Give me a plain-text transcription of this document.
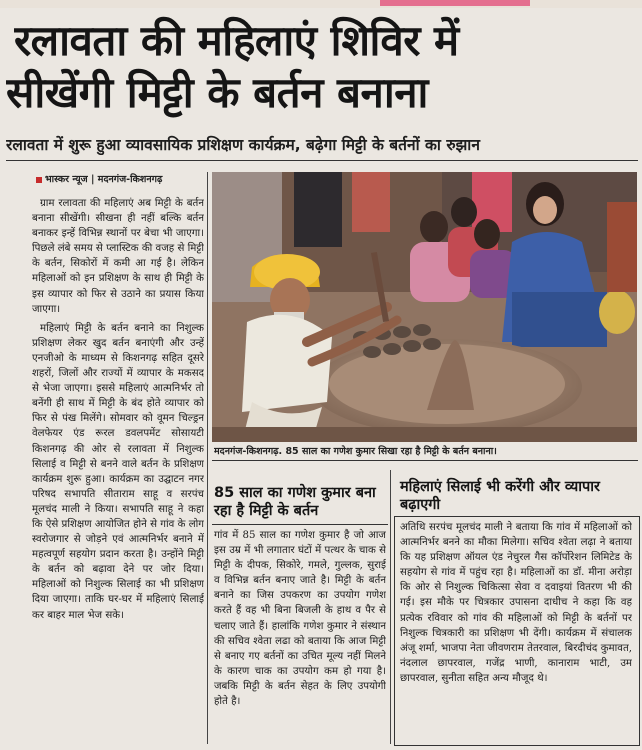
रलावता की महिलाएं शिविर में
सीखेंगी मिट्टी के बर्तन बनाना
रलावता में शुरू हुआ व्यावसायिक प्रशिक्षण कार्यक्रम, बढ़ेगा मिट्टी के बर्तनों का रुझान
भास्कर न्यूज | मदनगंज-किशनगढ़

ग्राम रलावता की महिलाएं अब मिट्टी के बर्तन बनाना सीखेंगी। सीखना ही नहीं बल्कि बर्तन बनाकर इन्हें विभिन्न स्थानों पर बेचा भी जाएगा। पिछले लंबे समय से प्लास्टिक की वजह से मिट्टी के बर्तन, सिकोरों में कमी आ गई है। लेकिन महिलाओं को इन प्रशिक्षण के साथ ही मिट्टी के इस व्यापार को फिर से उठाने का प्रयास किया जाएगा।

महिलाएं मिट्टी के बर्तन बनाने का निशुल्क प्रशिक्षण लेकर खुद बर्तन बनाएंगी और उन्हें एनजीओ के माध्यम से किशनगढ़ सहित दूसरे शहरों, जिलों और राज्यों में व्यापार के मकसद से भेजा जाएगा। इससे महिलाएं आत्मनिर्भर तो बनेंगी ही साथ में मिट्टी के बंद होते व्यापार को फिर से पंख मिलेंगे। सोमवार को वूमन चिल्ड्रन वेलफेयर एंड रूरल डवलपमेंट सोसायटी किशनगढ़ की ओर से रलावता में निशुल्क सिलाई व मिट्टी से बनने वाले बर्तन के प्रशिक्षण कार्यक्रम शुरू हुआ। कार्यक्रम का उद्घाटन नगर परिषद सभापति सीताराम साहू व सरपंच मूलचंद माली ने किया। सभापति साहू ने कहा कि ऐसे प्रशिक्षण आयोजित होने से गांव के लोग स्वरोजगार से जोड़ने एवं आत्मनिर्भर बनाने में महत्वपूर्ण सहयोग प्रदान करता है। उन्होंने मिट्टी के बर्तन को बढ़ावा देने पर जोर दिया। महिलाओं को निशुल्क सिलाई का भी प्रशिक्षण दिया जाएगा। ताकि घर-घर में महिलाएं सिलाई कर बाहर माल भेज सके।

मदनगंज-किशनगढ़. 85 साल का गणेश कुमार सिखा रहा है मिट्टी के बर्तन बनाना।
85 साल का गणेश कुमार बना रहा है मिट्टी के बर्तन
गांव में 85 साल का गणेश कुमार है जो आज इस उम्र में भी लगातार घंटों में पत्थर के चाक से मिट्टी के दीपक, सिकोरे, गमले, गुल्लक, सुराई व विभिन्न बर्तन बनाए जाते है। मिट्टी के बर्तन बनाने का जिस उपकरण का उपयोग गणेश करते हैं वह भी बिना बिजली के हाथ व पैर से चलाए जाते हैं। हालांकि गणेश कुमार ने संस्थान की सचिव श्वेता लढा को बताया कि आज मिट्टी से बनाए गए बर्तनों का उचित मूल्य नहीं मिलने के कारण चाक का उपयोग कम हो गया है। जबकि मिट्टी के बर्तन सेहत के लिए उपयोगी होते है।
महिलाएं सिलाई भी करेंगी और व्यापार बढ़ाएगी
अतिथि सरपंच मूलचंद माली ने बताया कि गांव में महिलाओं को आत्मनिर्भर बनने का मौका मिलेगा। सचिव श्वेता लढ़ा ने बताया कि यह प्रशिक्षण ऑयल एंड नेचुरल गैस कॉर्पोरेशन लिमिटेड के सहयोग से गांव में पहुंच रहा है। महिलाओं का डॉ. मीना अरोड़ा कि ओर से निशुल्क चिकित्सा सेवा व दवाइयां वितरण भी की गई। इस मौके पर चित्रकार उपासना दाधीच ने कहा कि वह प्रत्येक रविवार को गांव की महिलाओं को मिट्टी के बर्तनों पर निशुल्क चित्रकारी का प्रशिक्षण भी देंगी। कार्यक्रम में संचालक अंजू शर्मा, भाजपा नेता जीवणराम तेतरवाल, बिरदीचंद कुमावत, नंदलाल छापरवाल, गजेंद्र भाणी, कानाराम भाटी, उम छापरवाल, सुनीता सहित अन्य मौजूद थे।
